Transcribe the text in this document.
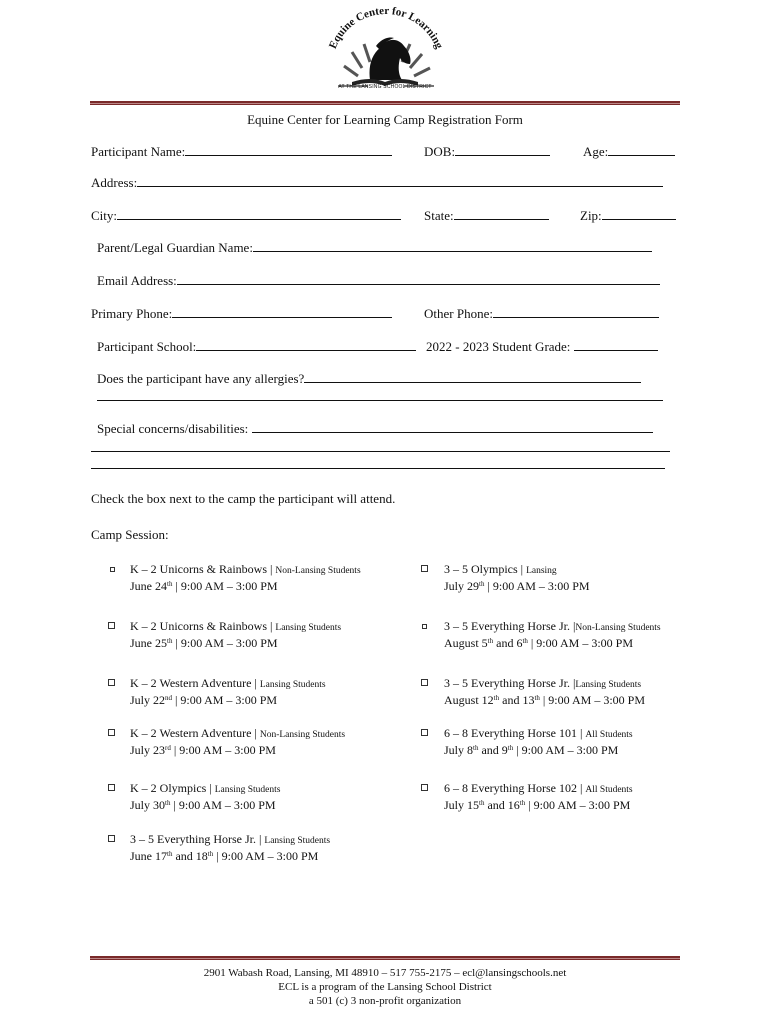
Equine Center for Learning
AT THE LANSING SCHOOL DISTRICT
Equine Center for Learning Camp Registration Form
Participant Name:	DOB:	Age:
Address:
City:	State:	Zip:
Parent/Legal Guardian Name:
Email Address:
Primary Phone:	Other Phone:
Participant School:	2022 - 2023 Student Grade:
Does the participant have any allergies?
Special concerns/disabilities:
Check the box next to the camp the participant will attend.
Camp Session:
K – 2 Unicorns & Rainbows | Non-Lansing Students
June 24th | 9:00 AM – 3:00 PM
K – 2 Unicorns & Rainbows | Lansing Students
June 25th | 9:00 AM – 3:00 PM
K – 2 Western Adventure | Lansing Students
July 22nd | 9:00 AM – 3:00 PM
K – 2 Western Adventure | Non-Lansing Students
July 23rd | 9:00 AM – 3:00 PM
K – 2 Olympics | Lansing Students
July 30th | 9:00 AM – 3:00 PM
3 – 5 Everything Horse Jr. | Lansing Students
June 17th and 18th | 9:00 AM – 3:00 PM
3 – 5 Olympics | Lansing
July 29th | 9:00 AM – 3:00 PM
3 – 5 Everything Horse Jr. |Non-Lansing Students
August 5th and 6th | 9:00 AM – 3:00 PM
3 – 5 Everything Horse Jr. |Lansing Students
August 12th and 13th | 9:00 AM – 3:00 PM
6 – 8 Everything Horse 101 | All Students
July 8th and 9th | 9:00 AM – 3:00 PM
6 – 8 Everything Horse 102 | All Students
July 15th and 16th | 9:00 AM – 3:00 PM
2901 Wabash Road, Lansing, MI 48910 – 517 755-2175 – ecl@lansingschools.net
ECL is a program of the Lansing School District
a 501 (c) 3 non-profit organization
